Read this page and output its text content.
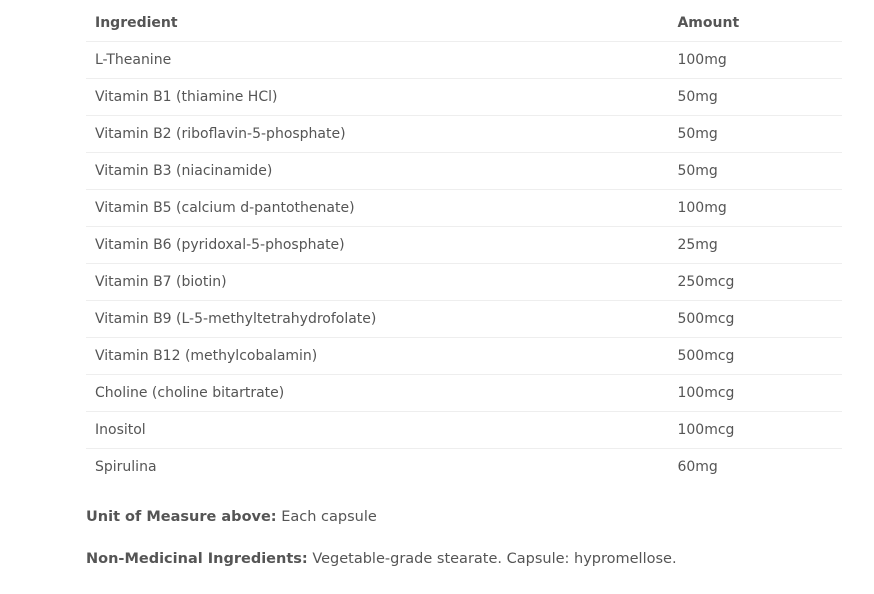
Ingredient	Amount
L-Theanine	100mg
Vitamin B1 (thiamine HCl)	50mg
Vitamin B2 (riboflavin-5-phosphate)	50mg
Vitamin B3 (niacinamide)	50mg
Vitamin B5 (calcium d-pantothenate)	100mg
Vitamin B6 (pyridoxal-5-phosphate)	25mg
Vitamin B7 (biotin)	250mcg
Vitamin B9 (L-5-methyltetrahydrofolate)	500mcg
Vitamin B12 (methylcobalamin)	500mcg
Choline (choline bitartrate)	100mcg
Inositol	100mcg
Spirulina	60mg
Unit of Measure above: Each capsule
Non-Medicinal Ingredients: Vegetable-grade stearate. Capsule: hypromellose.
